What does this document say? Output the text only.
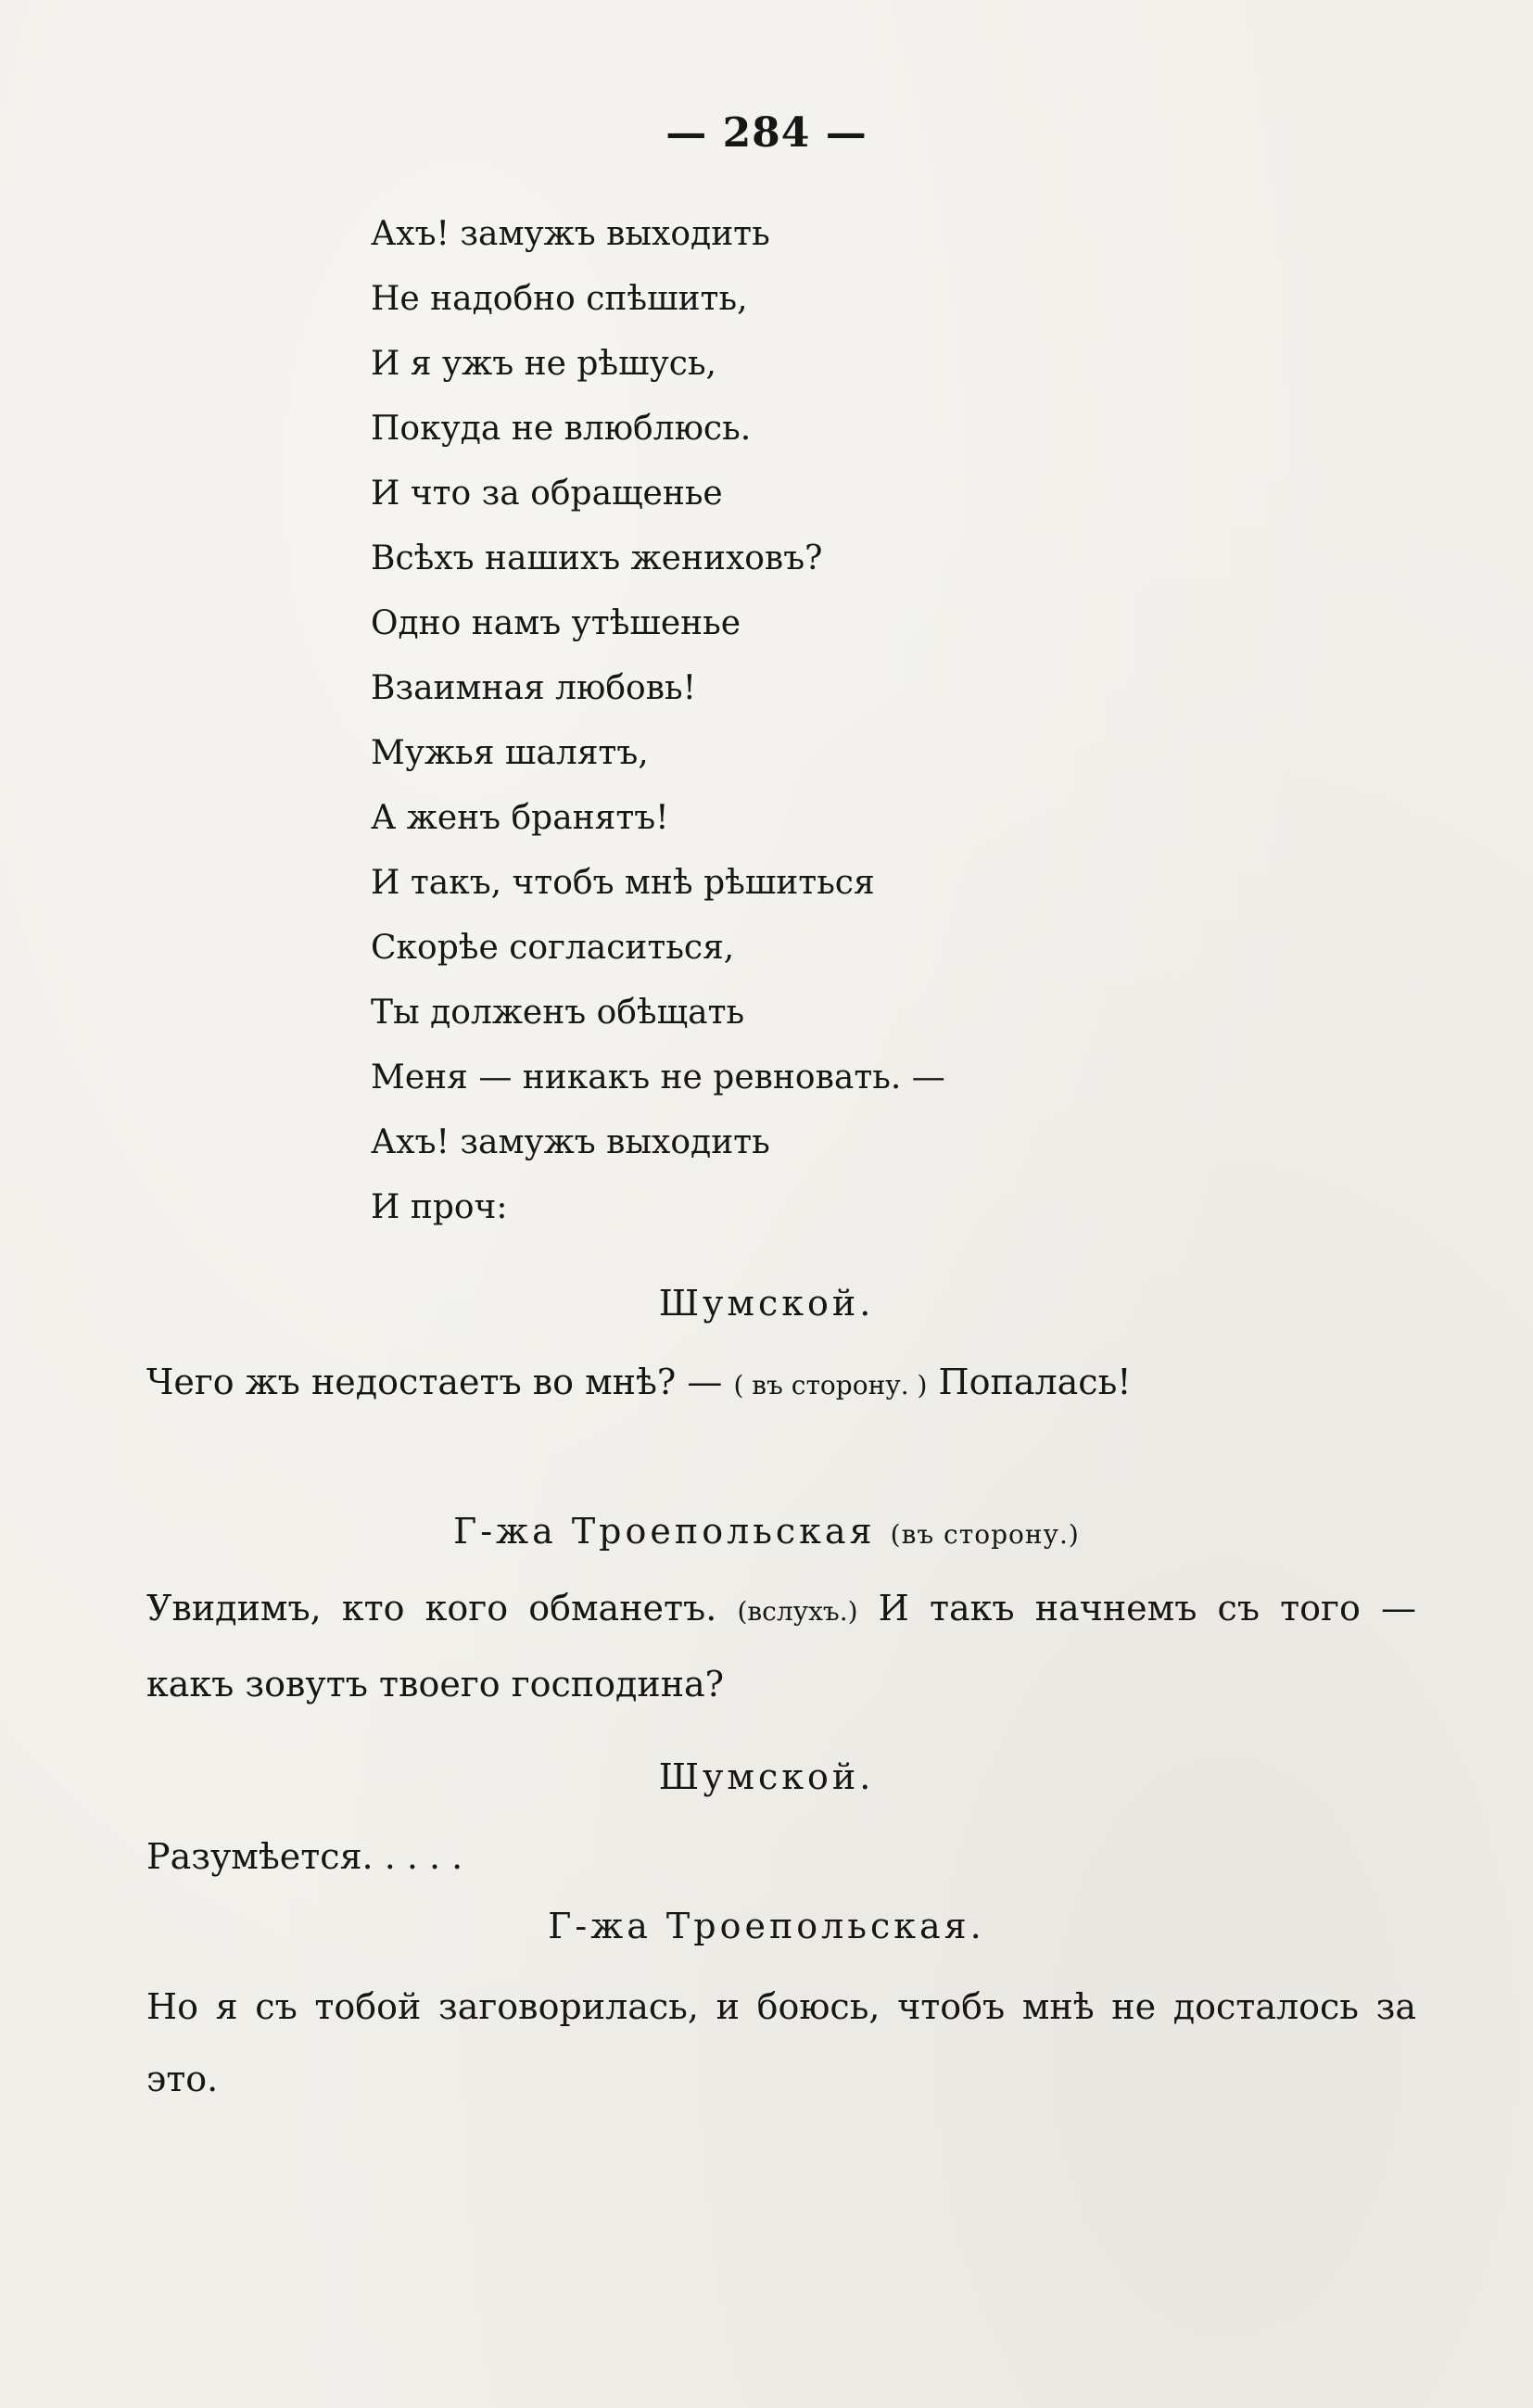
— 284 —
Ахъ! замужъ выходить
Не надобно спѣшить,
И я ужъ не рѣшусь,
Покуда не влюблюсь.
И что за обращенье
Всѣхъ нашихъ жениховъ?
Одно намъ утѣшенье
Взаимная любовь!
Мужья шалятъ,
А женъ бранятъ!
И такъ, чтобъ мнѣ рѣшиться
Скорѣе согласиться,
Ты долженъ обѣщать
Меня — никакъ не ревновать. —
Ахъ! замужъ выходить
И проч:
Шумской.
Чего жъ недостаетъ во мнѣ? — ( въ сторону. ) Попалась!
Г-жа Троепольская (въ сторону.)
Увидимъ, кто кого обманетъ. (вслухъ.) И такъ начнемъ съ того — какъ зовутъ твоего господина?
Шумской.
Разумѣется. . . . .
Г-жа Троепольская.
Но я съ тобой заговорилась, и боюсь, чтобъ мнѣ не досталось за это.
